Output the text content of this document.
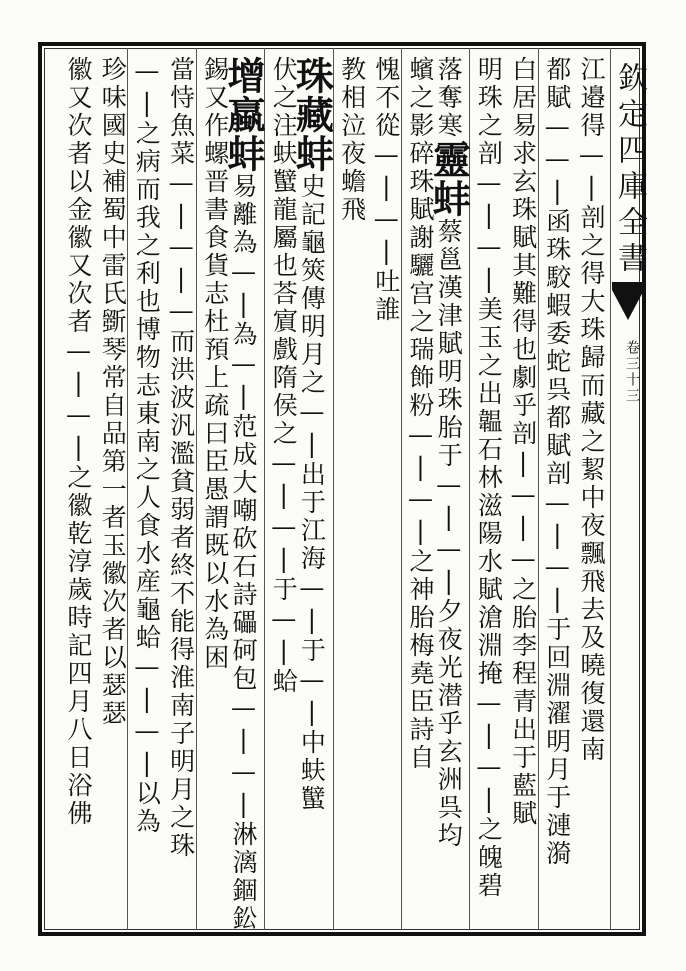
欽定四庫全書
卷三十三
江邉得—|剖之得大珠歸而藏之絜中夜飄飛去及曉復還南
都賦——|函珠駮蝦委蛇呉都賦剖—|—|于回淵濯明月于漣漪
白居易求玄珠賦其難得也劇乎剖|—|—之胎李程青出于藍賦
明珠之剖—|—|美玉之出韞石林滋陽水賦滄淵掩—|—|之魄碧
落奪寒靈蚌蔡邕漢津賦明珠胎于—|—|夕夜光潜乎玄洲呉均
蠙之影碎珠賦謝驪宫之瑞飾粉—|—|之神胎梅堯臣詩自
愧不從—|—|吐誰
教相泣夜蟾飛
珠藏蚌史記龜筴傳明月之—|出于江海—|于—|中蚨蠥
伏之注蚨蠥龍屬也荅賔戲隋侯之—|—|于—|蛤
增蠃蚌易離為—|為—|范成大嘲砍石詩礧砢包—|—|淋漓錮鈆
錫又作螺晋書食貨志杜預上疏曰臣愚謂既以水為困
當恃魚菜—|—|—而洪波汎濫貧弱者終不能得淮南子明月之珠
—|之病而我之利也博物志東南之人食水産龜蛤—|—|以為
珍味國史補蜀中雷氏斵琴常自品第一者玉徽次者以瑟瑟
徽又次者以金徽又次者—|—|之徽乾淳歲時記四月八日浴佛
